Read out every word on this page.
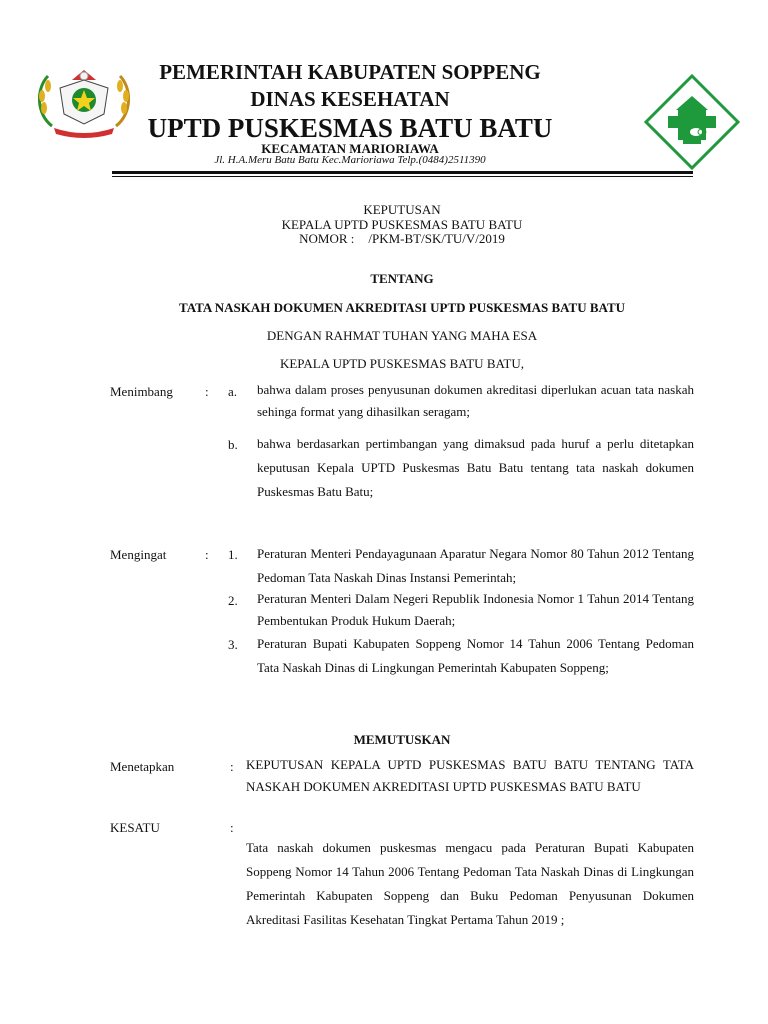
SOPPENG
PEMERINTAH KABUPATEN SOPPENG
DINAS KESEHATAN
UPTD PUSKESMAS BATU BATU
KECAMATAN MARIORIAWA
Jl. H.A.Meru Batu Batu Kec.Marioriawa Telp.(0484)2511390
KEPUTUSAN
KEPALA UPTD PUSKESMAS BATU BATU
NOMOR : /PKM-BT/SK/TU/V/2019
TENTANG
TATA NASKAH DOKUMEN AKREDITASI UPTD PUSKESMAS BATU BATU
DENGAN RAHMAT TUHAN YANG MAHA ESA
KEPALA UPTD PUSKESMAS BATU BATU,
Menimbang : a. bahwa dalam proses penyusunan dokumen akreditasi diperlukan acuan tata naskah sehinga format yang dihasilkan seragam;
b. bahwa berdasarkan pertimbangan yang dimaksud pada huruf a perlu ditetapkan keputusan Kepala UPTD Puskesmas Batu Batu tentang tata naskah dokumen Puskesmas Batu Batu;
Mengingat	: 1. Peraturan Menteri Pendayagunaan Aparatur Negara Nomor 80 Tahun 2012 Tentang Pedoman Tata Naskah Dinas Instansi Pemerintah;
2. Peraturan Menteri Dalam Negeri Republik Indonesia Nomor 1 Tahun 2014 Tentang Pembentukan Produk Hukum Daerah;
3. Peraturan Bupati Kabupaten Soppeng Nomor 14 Tahun 2006 Tentang Pedoman Tata Naskah Dinas di Lingkungan Pemerintah Kabupaten Soppeng;
MEMUTUSKAN
Menetapkan	: KEPUTUSAN KEPALA UPTD PUSKESMAS BATU BATU TENTANG TATA NASKAH DOKUMEN AKREDITASI UPTD PUSKESMAS BATU BATU
KESATU	:
Tata naskah dokumen puskesmas mengacu pada Peraturan Bupati Kabupaten Soppeng Nomor 14 Tahun 2006 Tentang Pedoman Tata Naskah Dinas di Lingkungan Pemerintah Kabupaten Soppeng dan Buku Pedoman Penyusunan Dokumen Akreditasi Fasilitas Kesehatan Tingkat Pertama Tahun 2019 ;
